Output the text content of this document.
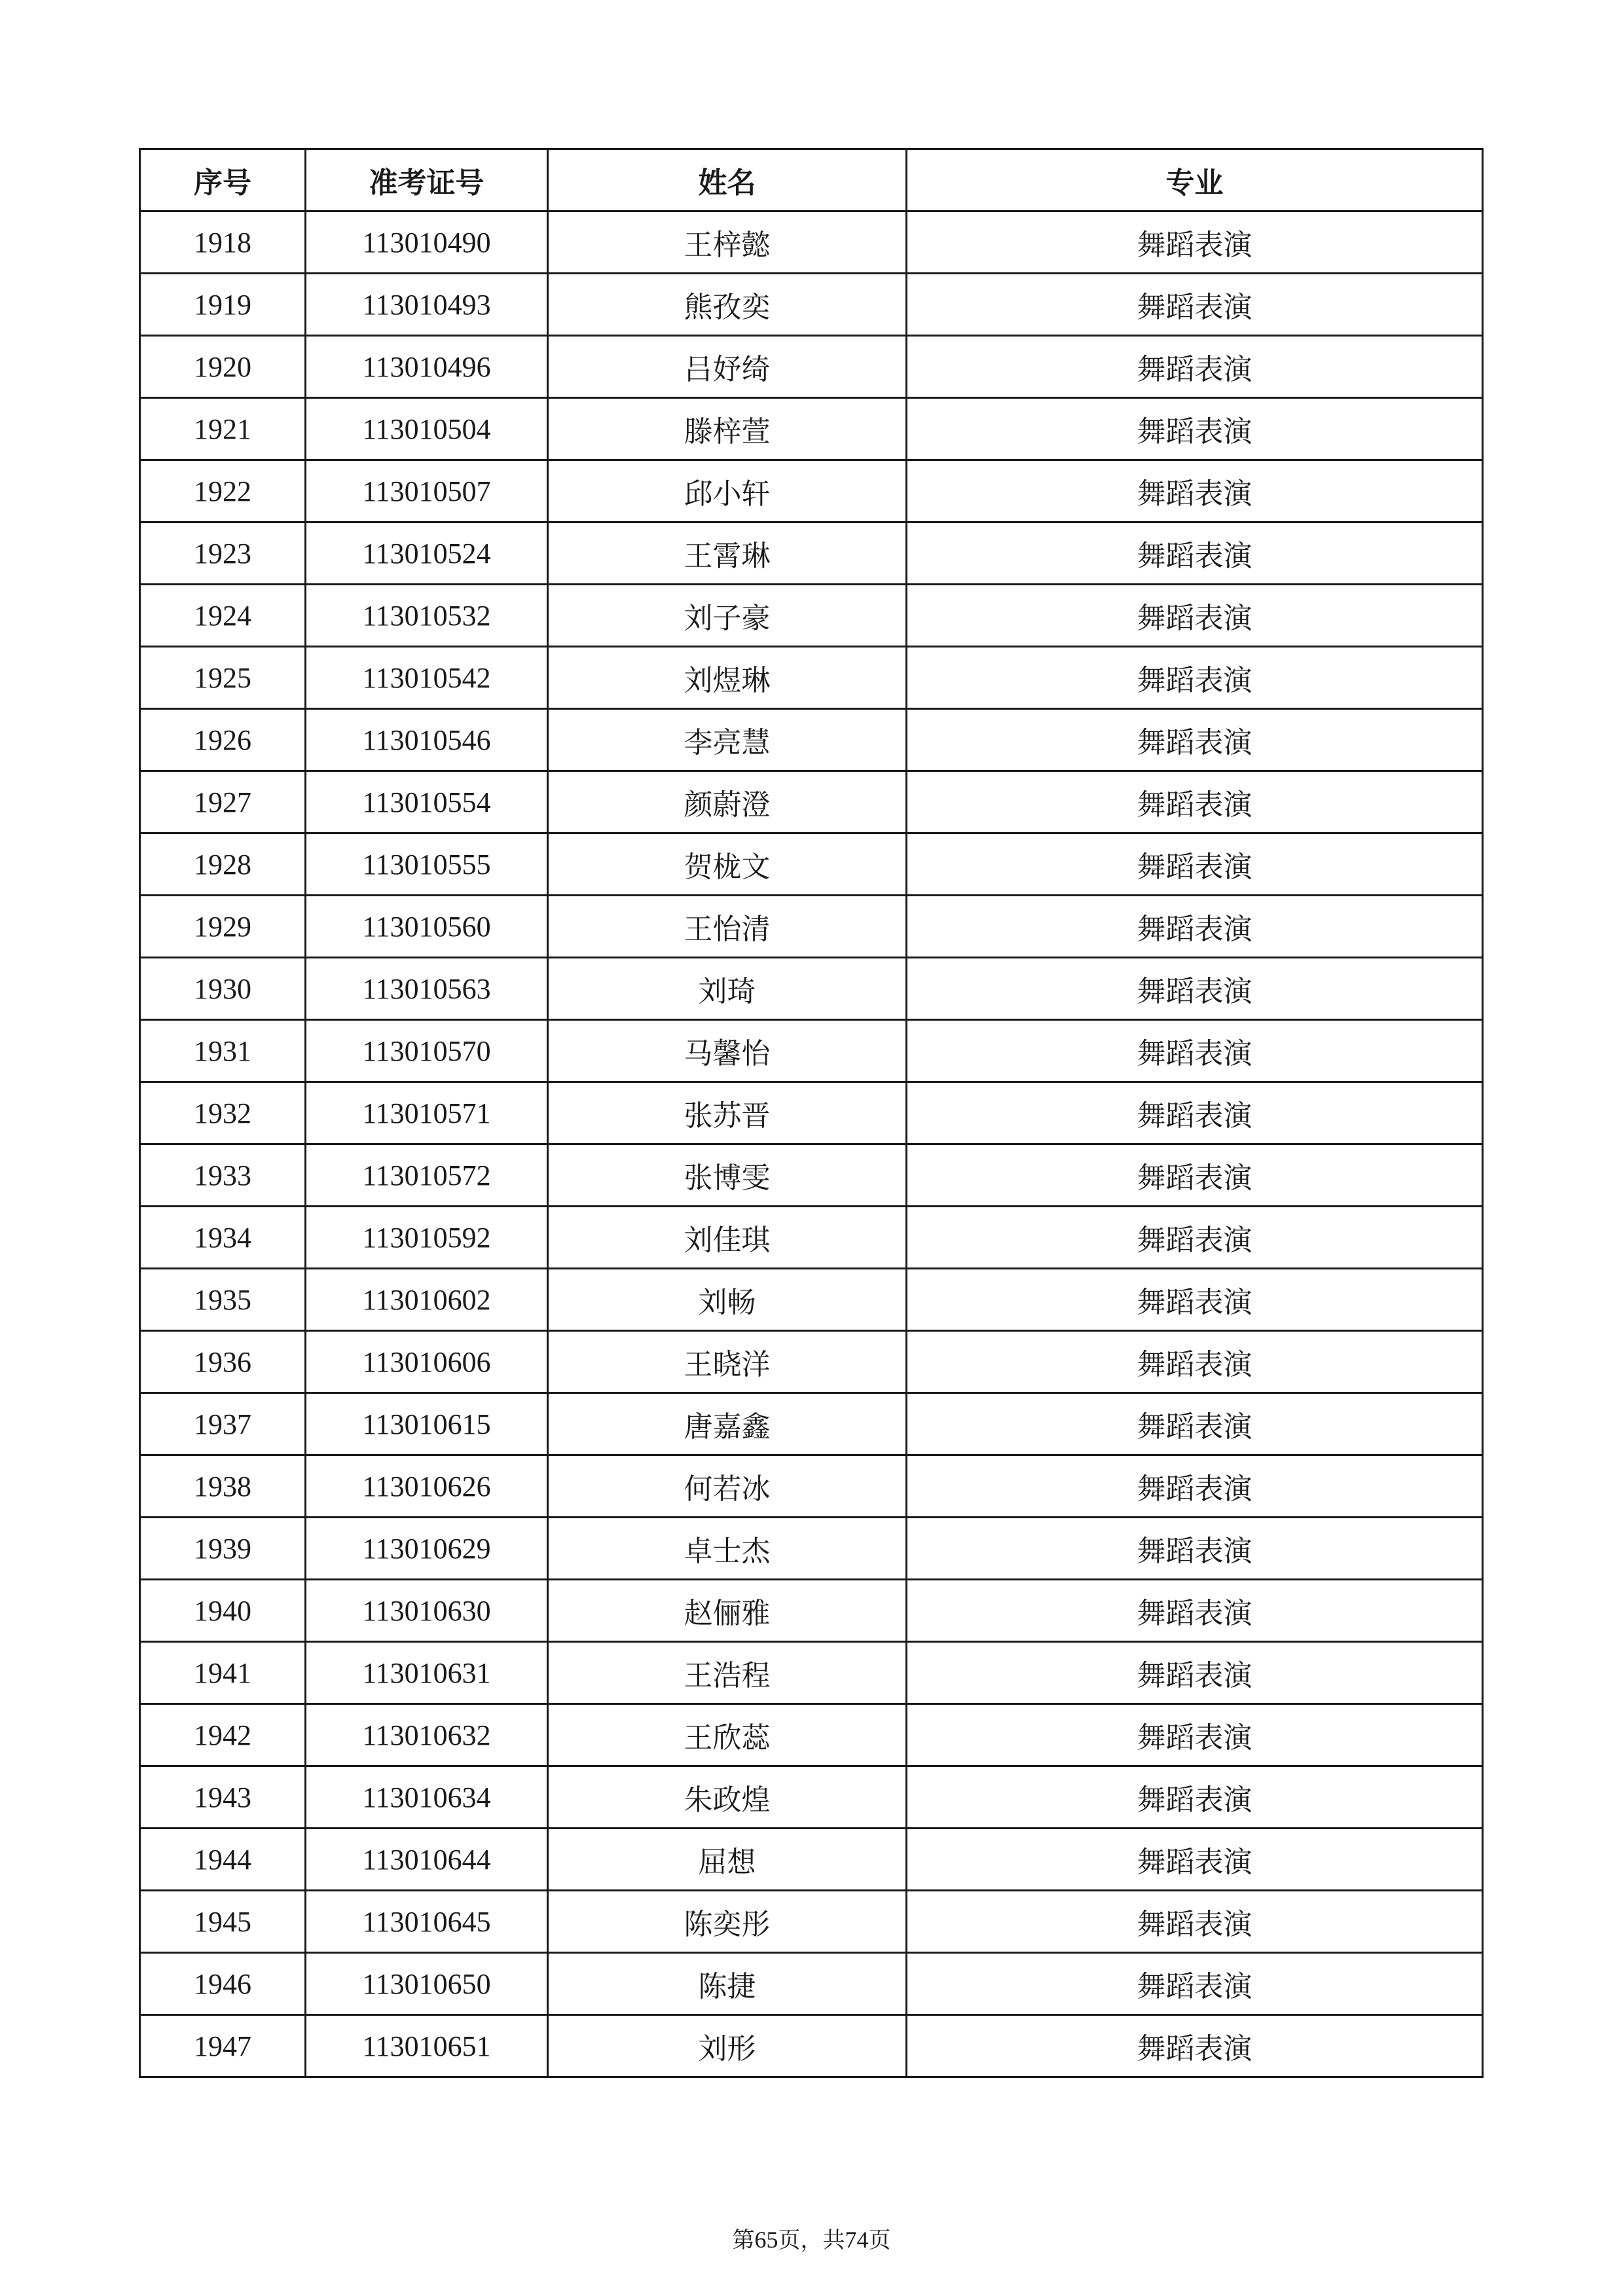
序号	准考证号	姓名	专业
1918	113010490	王梓懿	舞蹈表演
1919	113010493	熊孜奕	舞蹈表演
1920	113010496	吕妤绮	舞蹈表演
1921	113010504	滕梓萱	舞蹈表演
1922	113010507	邱小轩	舞蹈表演
1923	113010524	王霄琳	舞蹈表演
1924	113010532	刘子豪	舞蹈表演
1925	113010542	刘煜琳	舞蹈表演
1926	113010546	李亮慧	舞蹈表演
1927	113010554	颜蔚澄	舞蹈表演
1928	113010555	贺栊文	舞蹈表演
1929	113010560	王怡清	舞蹈表演
1930	113010563	刘琦	舞蹈表演
1931	113010570	马馨怡	舞蹈表演
1932	113010571	张苏晋	舞蹈表演
1933	113010572	张博雯	舞蹈表演
1934	113010592	刘佳琪	舞蹈表演
1935	113010602	刘畅	舞蹈表演
1936	113010606	王晓洋	舞蹈表演
1937	113010615	唐嘉鑫	舞蹈表演
1938	113010626	何若冰	舞蹈表演
1939	113010629	卓士杰	舞蹈表演
1940	113010630	赵俪雅	舞蹈表演
1941	113010631	王浩程	舞蹈表演
1942	113010632	王欣蕊	舞蹈表演
1943	113010634	朱政煌	舞蹈表演
1944	113010644	屈想	舞蹈表演
1945	113010645	陈奕彤	舞蹈表演
1946	113010650	陈捷	舞蹈表演
1947	113010651	刘形	舞蹈表演
第65页，共74页
